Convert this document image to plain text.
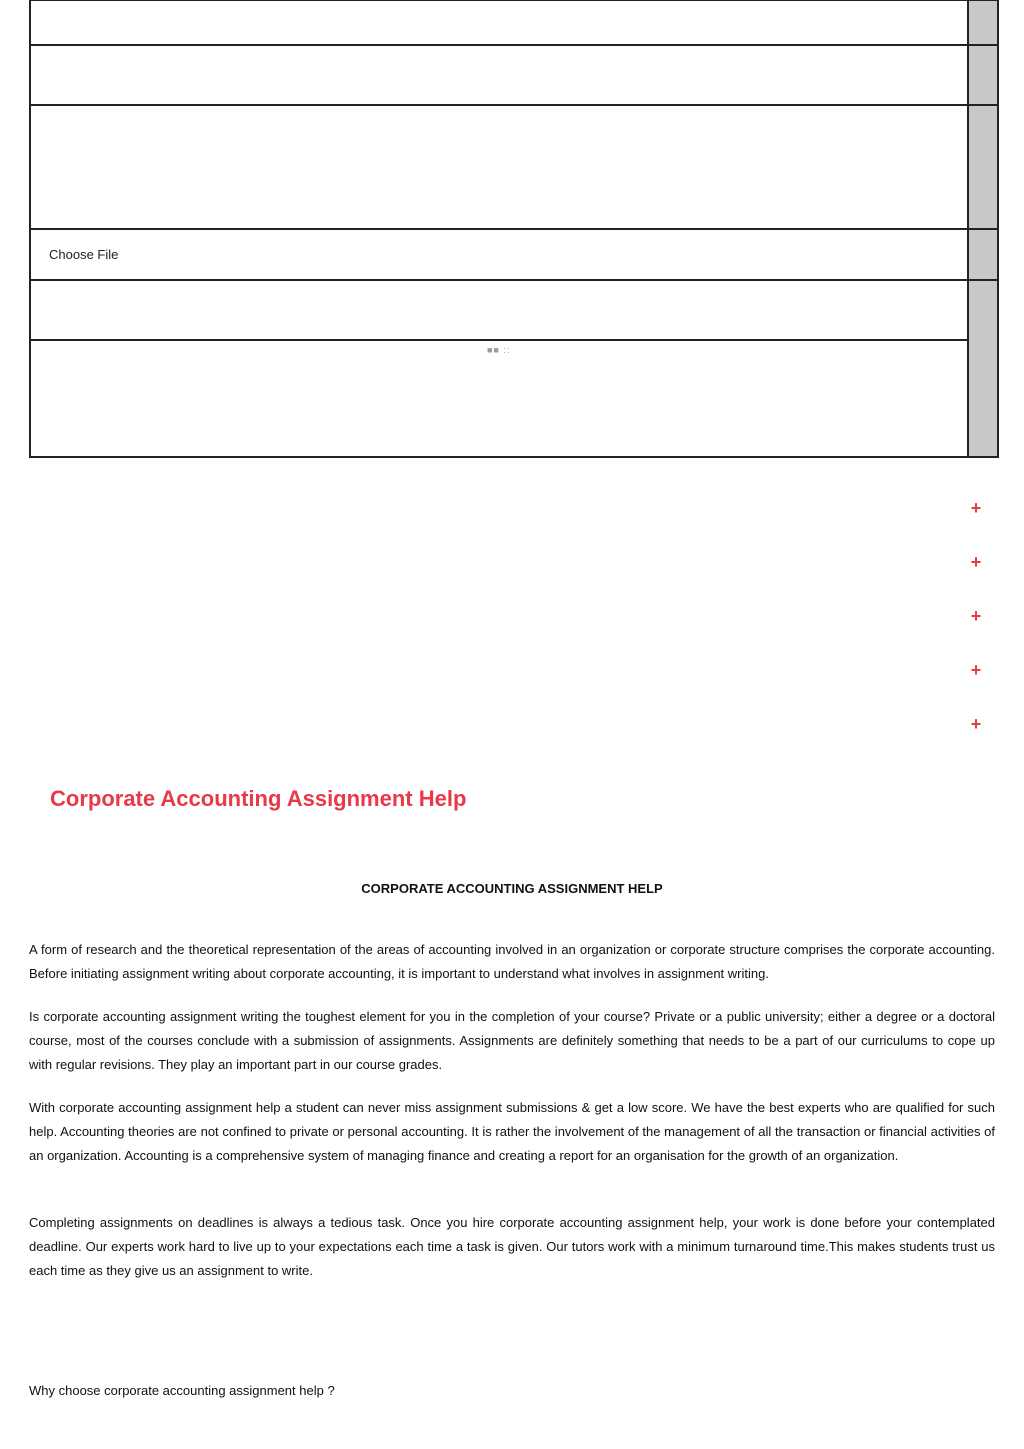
Choose File
■■ ::
+
+
+
+
+
Corporate Accounting Assignment Help
CORPORATE ACCOUNTING ASSIGNMENT HELP

A form of research and the theoretical representation of the areas of accounting involved in an organization or corporate structure comprises the corporate accounting. Before initiating assignment writing about corporate accounting, it is important to understand what involves in assignment writing.

Is corporate accounting assignment writing the toughest element for you in the completion of your course? Private or a public university; either a degree or a doctoral course, most of the courses conclude with a submission of assignments. Assignments are definitely something that needs to be a part of our curriculums to cope up with regular revisions. They play an important part in our course grades.

With corporate accounting assignment help a student can never miss assignment submissions & get a low score. We have the best experts who are qualified for such help. Accounting theories are not confined to private or personal accounting. It is rather the involvement of the management of all the transaction or financial activities of an organization. Accounting is a comprehensive system of managing finance and creating a report for an organisation for the growth of an organization.

Completing assignments on deadlines is always a tedious task. Once you hire corporate accounting assignment help, your work is done before your contemplated deadline. Our experts work hard to live up to your expectations each time a task is given. Our tutors work with a minimum turnaround time.This makes students trust us each time as they give us an assignment to write.

Why choose corporate accounting assignment help ?
